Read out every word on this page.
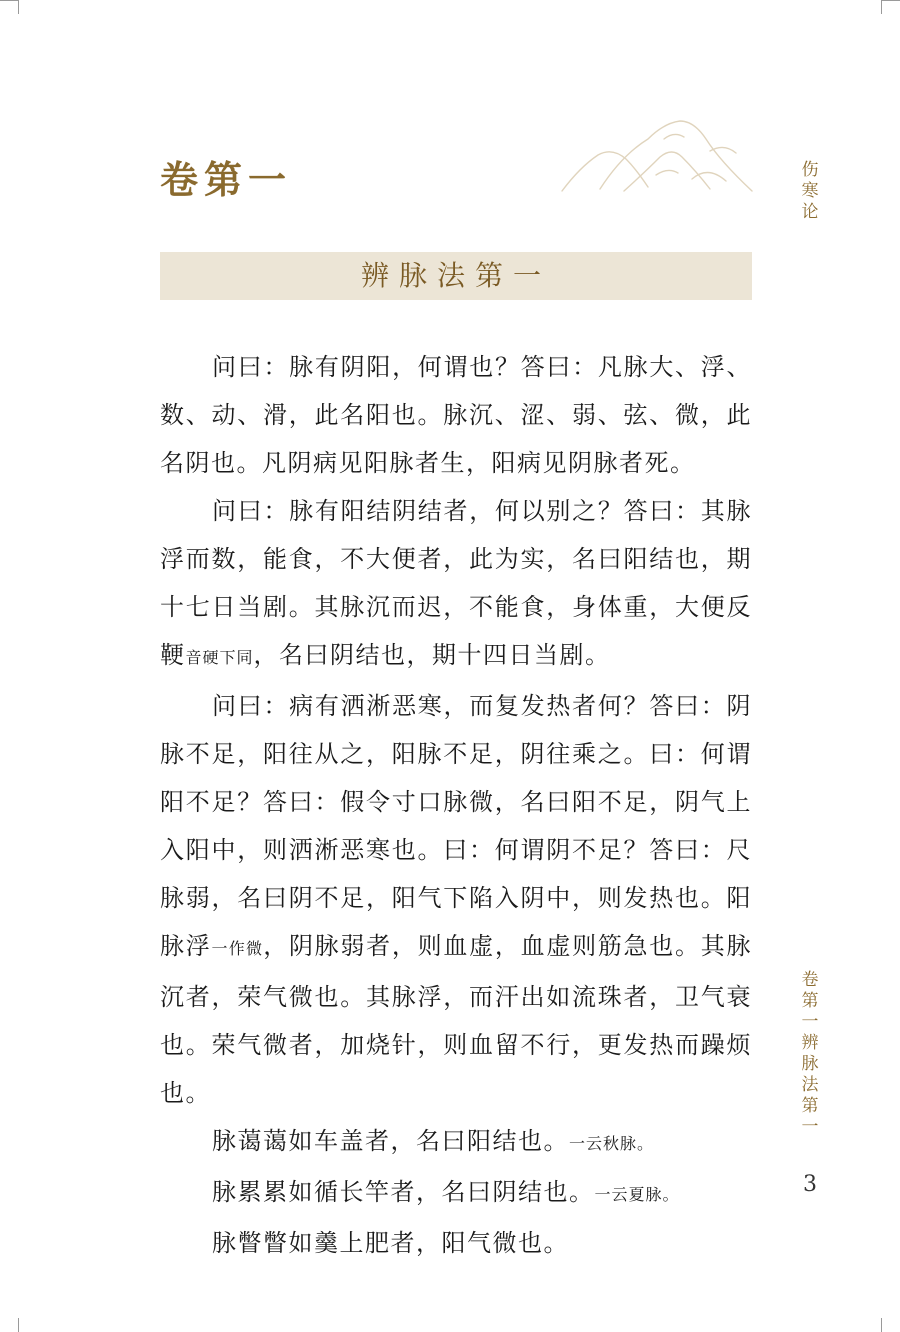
卷第一
辨脉法第一

问曰：脉有阴阳，何谓也？答曰：凡脉大、浮、数、动、滑，此名阳也。脉沉、涩、弱、弦、微，此名阴也。凡阴病见阳脉者生，阳病见阴脉者死。

问曰：脉有阳结阴结者，何以别之？答曰：其脉浮而数，能食，不大便者，此为实，名曰阳结也，期十七日当剧。其脉沉而迟，不能食，身体重，大便反鞕音硬下同，名曰阴结也，期十四日当剧。

问曰：病有洒淅恶寒，而复发热者何？答曰：阴脉不足，阳往从之，阳脉不足，阴往乘之。曰：何谓阳不足？答曰：假令寸口脉微，名曰阳不足，阴气上入阳中，则洒淅恶寒也。曰：何谓阴不足？答曰：尺脉弱，名曰阴不足，阳气下陷入阴中，则发热也。阳脉浮一作微，阴脉弱者，则血虚，血虚则筋急也。其脉沉者，荣气微也。其脉浮，而汗出如流珠者，卫气衰也。荣气微者，加烧针，则血留不行，更发热而躁烦也。

脉蔼蔼如车盖者，名曰阳结也。一云秋脉。

脉累累如循长竿者，名曰阴结也。一云夏脉。

脉瞥瞥如羹上肥者，阳气微也。

伤寒论
卷第一 辨脉法第一
3
